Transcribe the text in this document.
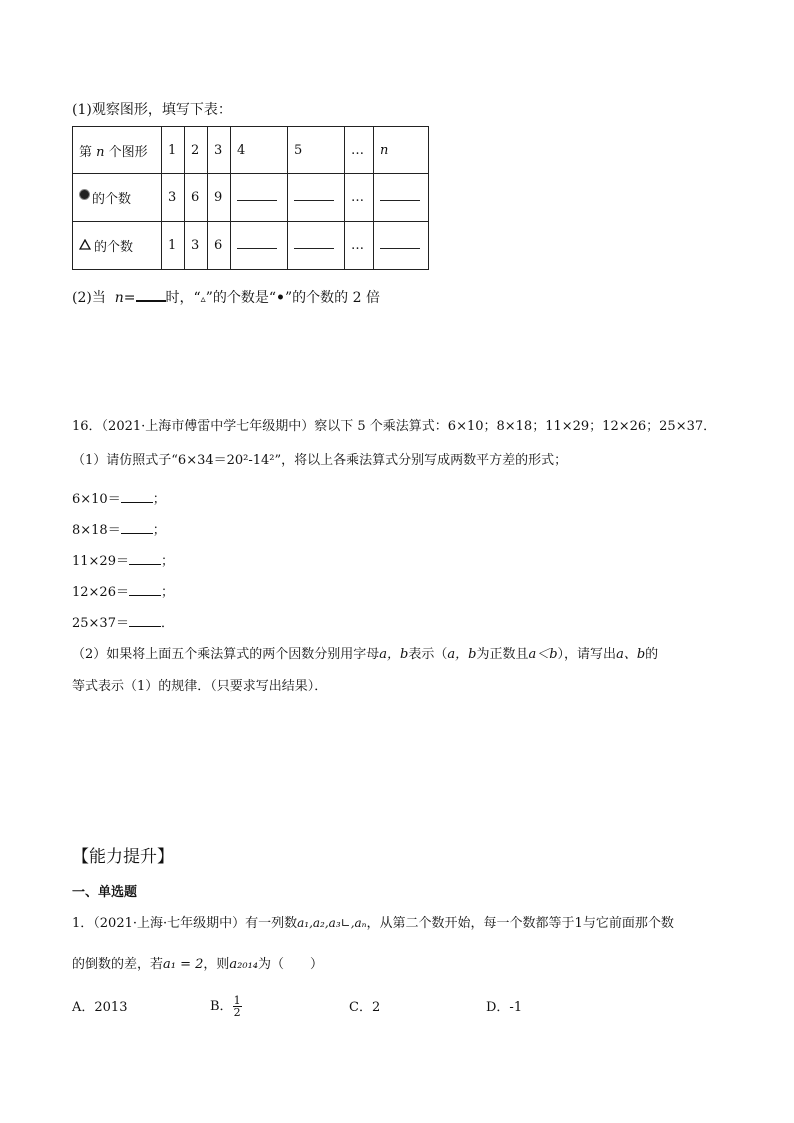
(1)观察图形，填写下表：
第 n 个图形	1	2	3	4	5	…	n
的个数	3	6	9			…	
的个数	1	3	6			…	
(2)当 n= 时，“▵”的个数是“•”的个数的 2 倍
16．（2021·上海市傅雷中学七年级期中）察以下 5 个乘法算式：6×10；8×18；11×29；12×26；25×37．
（1）请仿照式子“6×34＝20²-14²”，将以上各乘法算式分别写成两数平方差的形式；
6×10＝ ；
8×18＝ ；
11×29＝ ；
12×26＝ ；
25×37＝ ．
（2）如果将上面五个乘法算式的两个因数分别用字母a，b表示（a，b为正数且a＜b），请写出a、b的
等式表示（1）的规律．（只要求写出结果）．
【能力提升】
一、单选题
1．（2021·上海·七年级期中）有一列数a₁,a₂,a₃∟,aₙ，从第二个数开始，每一个数都等于1与它前面那个数
的倒数的差，若a₁ = 2，则a₂₀₁₄为（　　）
A．2013	B． $\frac{1}{2}$	C．2	D．-1
